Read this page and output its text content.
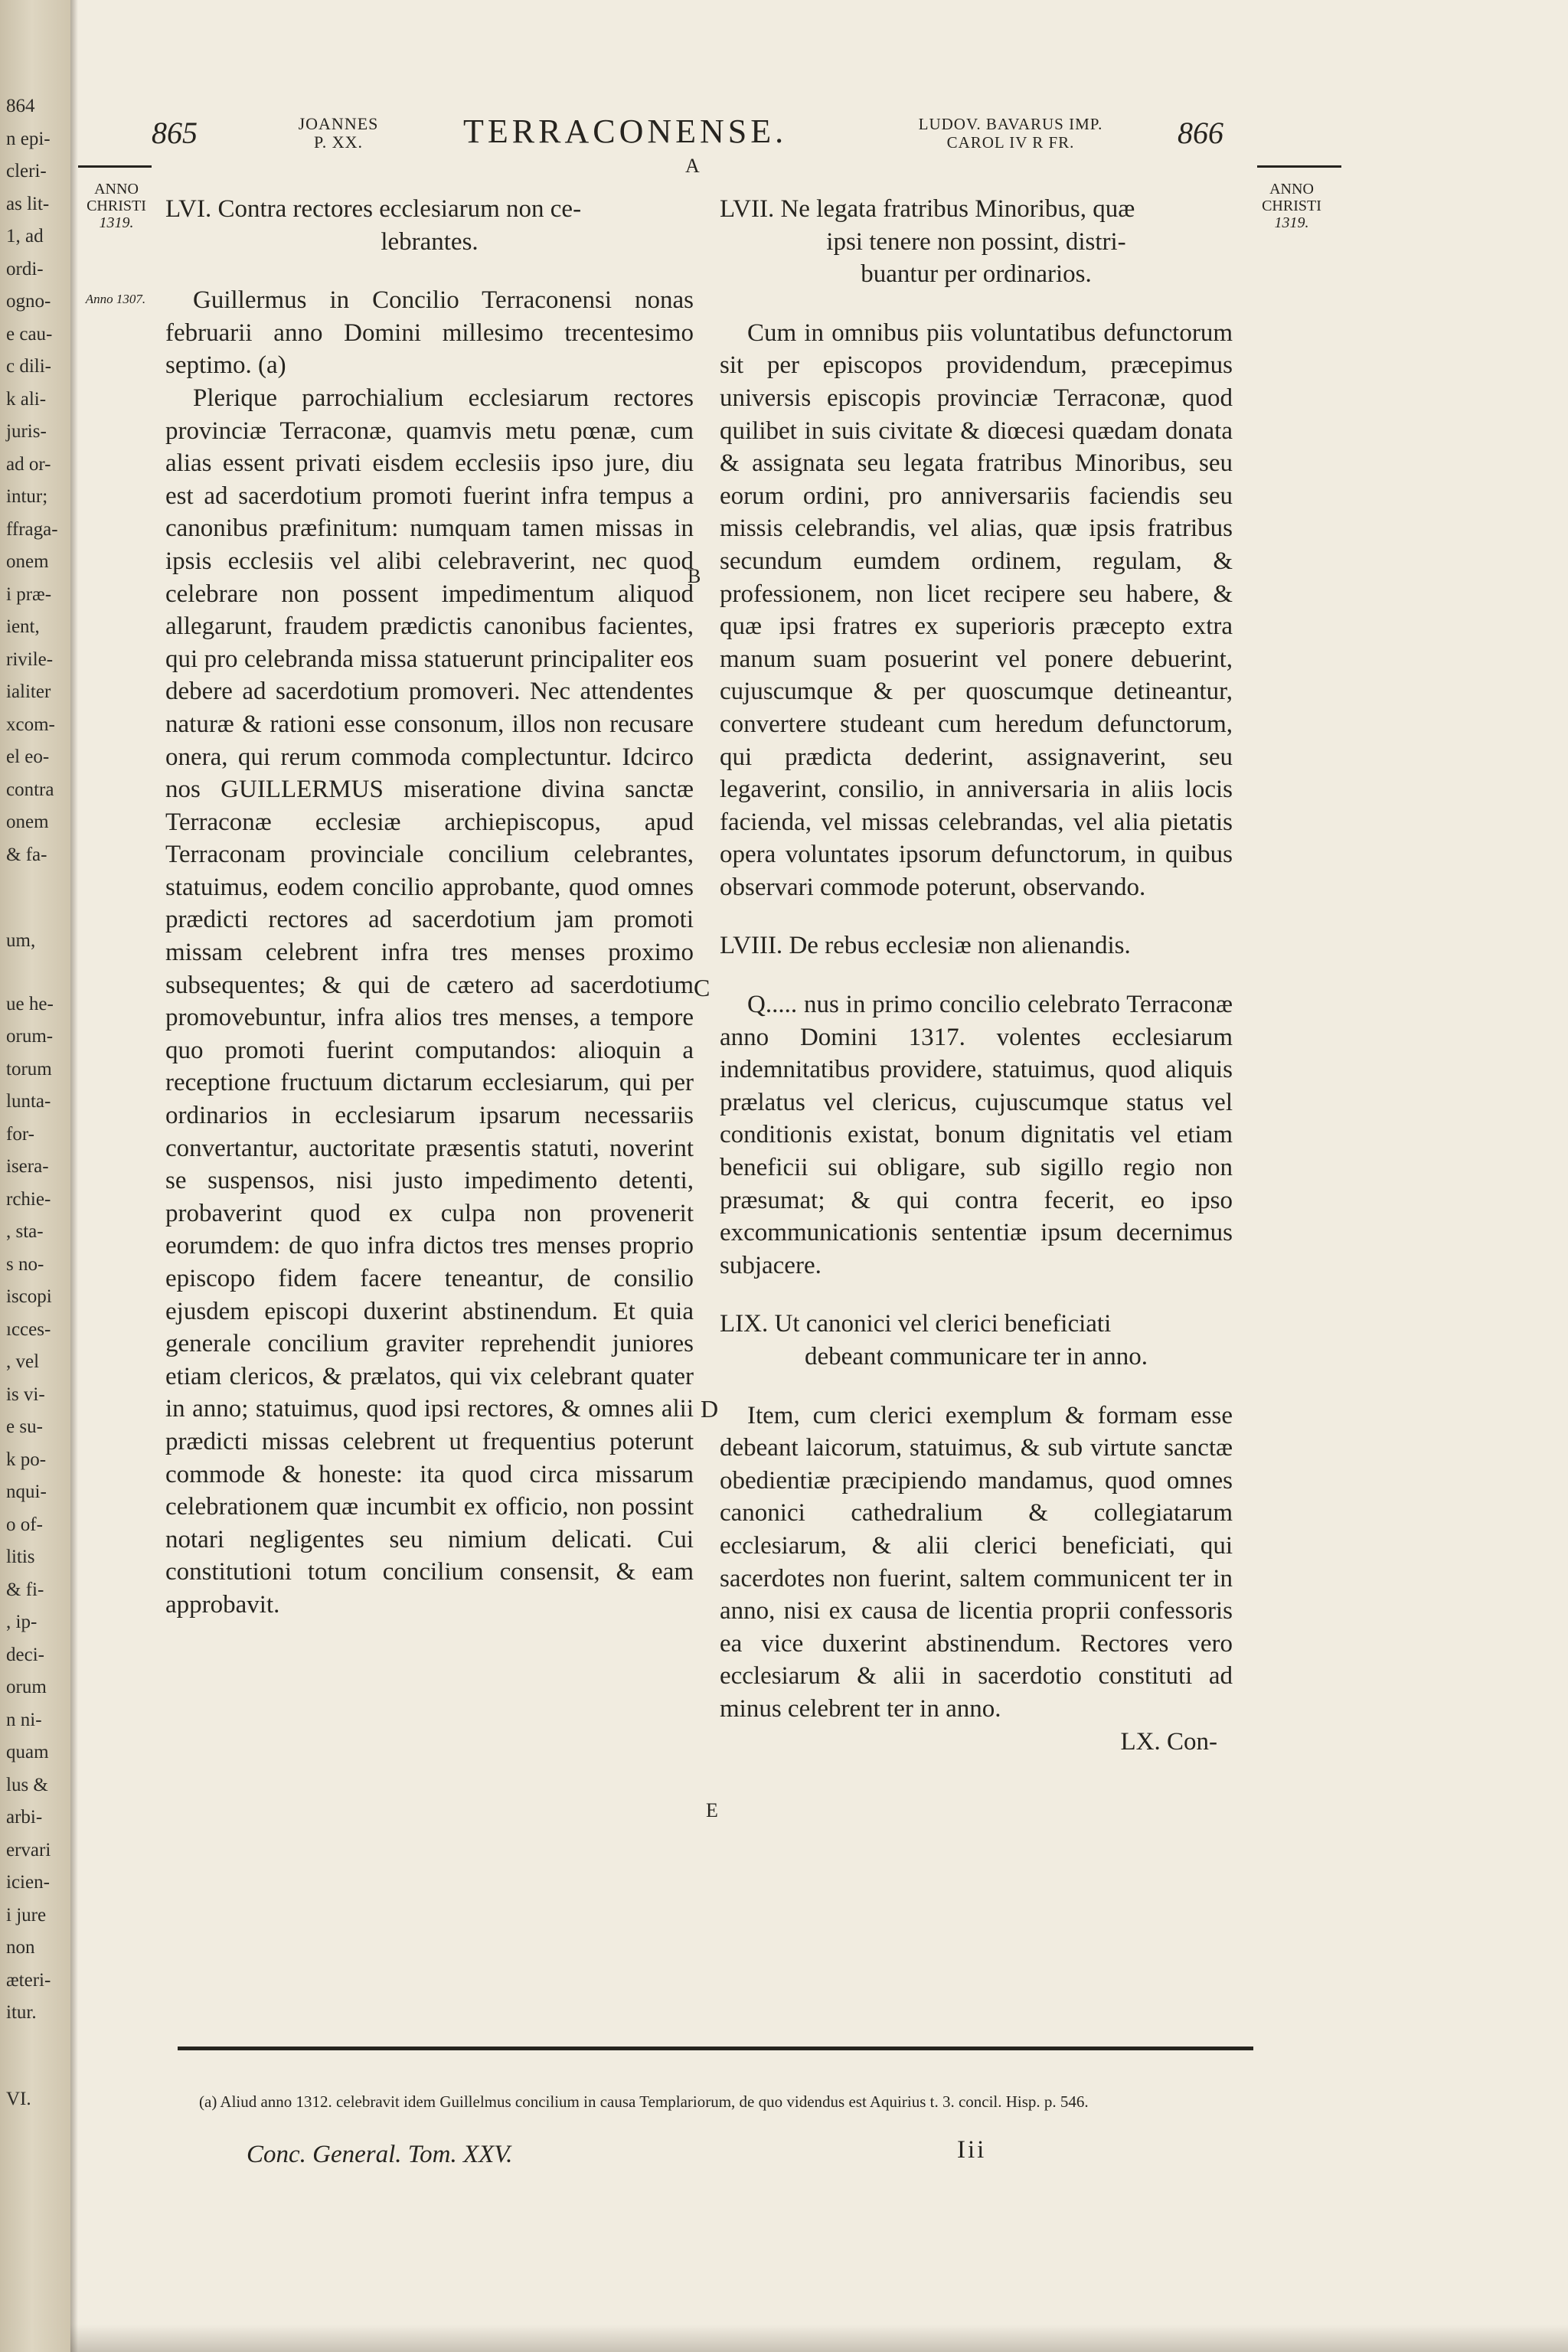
864
n epi-
cleri-
as lit-
1, ad
ordi-
ogno-
e cau-
c dili-
k ali-
juris-
ad or-
intur;
ffraga-
onem
i præ-
ient,
rivile-
ialiter
xcom-
el eo-
contra
onem
& fa-
um,
ue he-
orum-
torum
lunta-
for-
isera-
rchie-
, sta-
s no-
iscopi
ıcces-
, vel
is vi-
e su-
k po-
nqui-
o of-
litis
& fi-
, ip-
deci-
orum
n ni-
quam
lus &
arbi-
ervari
icien-
i jure
non
æteri-
itur.
VI.
865	JOANNES
P. XX.	TERRACONENSE.	LUDOV. BAVARUS IMP.
CAROL IV R FR.	866
A
ANNO
CHRISTI
1319.
Anno 1307.
ANNO
CHRISTI
1319.

LVI. Contra rectores ecclesiarum non ce-
lebrantes.

Guillermus in Concilio Terraconensi nonas februarii anno Domini millesimo trecentesimo septimo. (a)

Plerique parrochialium ecclesiarum rectores provinciæ Terraconæ, quamvis metu pœnæ, cum alias essent privati eisdem ecclesiis ipso jure, diu est ad sacerdotium promoti fuerint infra tempus a canonibus præfinitum: numquam tamen missas in ipsis ecclesiis vel alibi celebraverint, nec quod celebrare non possent impedimentum aliquod allegarunt, fraudem prædictis canonibus facientes, qui pro celebranda missa statuerunt principaliter eos debere ad sacerdotium promoveri. Nec attendentes naturæ & rationi esse consonum, illos non recusare onera, qui rerum commoda complectuntur. Idcirco nos GUILLERMUS miseratione divina sanctæ Terraconæ ecclesiæ archiepiscopus, apud Terraconam provinciale concilium celebrantes, statuimus, eodem concilio approbante, quod omnes prædicti rectores ad sacerdotium jam promoti missam celebrent infra tres menses proximo subsequentes; & qui de cætero ad sacerdotium promovebuntur, infra alios tres menses, a tempore quo promoti fuerint computandos: alioquin a receptione fructuum dictarum ecclesiarum, qui per ordinarios in ecclesiarum ipsarum necessariis convertantur, auctoritate præsentis statuti, noverint se suspensos, nisi justo impedimento detenti, probaverint quod ex culpa non provenerit eorumdem: de quo infra dictos tres menses proprio episcopo fidem facere teneantur, de consilio ejusdem episcopi duxerint abstinendum. Et quia generale concilium graviter reprehendit juniores etiam clericos, & prælatos, qui vix celebrant quater in anno; statuimus, quod ipsi rectores, & omnes alii prædicti missas celebrent ut frequentius poterunt commode & honeste: ita quod circa missarum celebrationem quæ incumbit ex officio, non possint notari negligentes seu nimium delicati. Cui constitutioni totum concilium consensit, & eam approbavit.

B
C
D
E

LVII. Ne legata fratribus Minoribus, quæ
ipsi tenere non possint, distri-
buantur per ordinarios.

Cum in omnibus piis voluntatibus defunctorum sit per episcopos providendum, præcepimus universis episcopis provinciæ Terraconæ, quod quilibet in suis civitate & diœcesi quædam donata & assignata seu legata fratribus Minoribus, seu eorum ordini, pro anniversariis faciendis seu missis celebrandis, vel alias, quæ ipsis fratribus secundum eumdem ordinem, regulam, & professionem, non licet recipere seu habere, & quæ ipsi fratres ex superioris præcepto extra manum suam posuerint vel ponere debuerint, cujuscumque & per quoscumque detineantur, convertere studeant cum heredum defunctorum, qui prædicta dederint, assignaverint, seu legaverint, consilio, in anniversaria in aliis locis facienda, vel missas celebrandas, vel alia pietatis opera voluntates ipsorum defunctorum, in quibus observari commode poterunt, observando.

LVIII. De rebus ecclesiæ non alienandis.

Q..... nus in primo concilio celebrato Terraconæ anno Domini 1317. volentes ecclesiarum indemnitatibus providere, statuimus, quod aliquis prælatus vel clericus, cujuscumque status vel conditionis existat, bonum dignitatis vel etiam beneficii sui obligare, sub sigillo regio non præsumat; & qui contra fecerit, eo ipso excommunicationis sententiæ ipsum decernimus subjacere.

LIX. Ut canonici vel clerici beneficiati
debeant communicare ter in anno.

Item, cum clerici exemplum & formam esse debeant laicorum, statuimus, & sub virtute sanctæ obedientiæ præcipiendo mandamus, quod omnes canonici cathedralium & collegiatarum ecclesiarum, & alii clerici beneficiati, qui sacerdotes non fuerint, saltem communicent ter in anno, nisi ex causa de licentia proprii confessoris ea vice duxerint abstinendum. Rectores vero ecclesiarum & alii in sacerdotio constituti ad minus celebrent ter in anno.

LX. Con-

(a) Aliud anno 1312. celebravit idem Guillelmus concilium in causa Templariorum, de quo videndus est Aquirius t. 3. concil. Hisp. p. 546.
Conc. General. Tom. XXV.	Iii
